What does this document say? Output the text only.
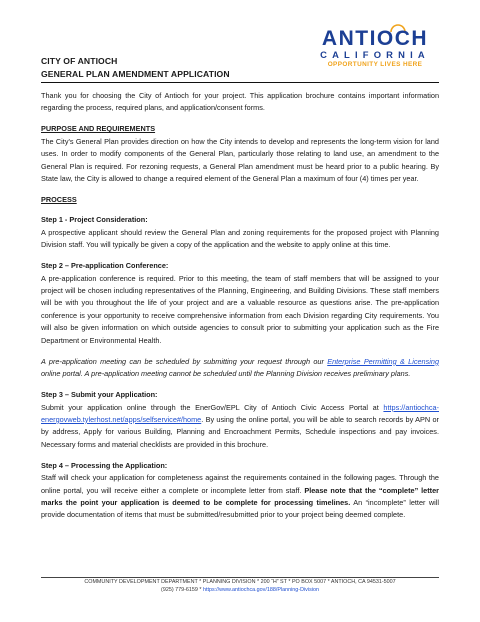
CITY OF ANTIOCH
GENERAL PLAN AMENDMENT APPLICATION
ANTIOCH
CALIFORNIA
OPPORTUNITY LIVES HERE

Thank you for choosing the City of Antioch for your project. This application brochure contains important information regarding the process, required plans, and application/consent forms.

PURPOSE AND REQUIREMENTS

The City's General Plan provides direction on how the City intends to develop and represents the long-term vision for land uses. In order to modify components of the General Plan, particularly those relating to land use, an amendment to the General Plan is required. For rezoning requests, a General Plan amendment must be heard prior to a public hearing. By State law, the City is allowed to change a required element of the General Plan a maximum of four (4) times per year.

PROCESS
Step 1 - Project Consideration:

A prospective applicant should review the General Plan and zoning requirements for the proposed project with Planning Division staff. You will typically be given a copy of the application and the website to apply online at this time.

Step 2 – Pre-application Conference:

A pre-application conference is required. Prior to this meeting, the team of staff members that will be assigned to your project will be chosen including representatives of the Planning, Engineering, and Building Divisions. These staff members will be with you throughout the life of your project and are a valuable resource as questions arise. The pre-application conference is your opportunity to receive comprehensive information from each Division regarding City requirements. You will also be given information on which outside agencies to consult prior to submitting your application such as the Fire Department or Environmental Health.

A pre-application meeting can be scheduled by submitting your request through our Enterprise Permitting & Licensing online portal. A pre-application meeting cannot be scheduled until the Planning Division receives preliminary plans.

Step 3 – Submit your Application:

Submit your application online through the EnerGov/EPL City of Antioch Civic Access Portal at https://antiochca-energovweb.tylerhost.net/apps/selfservice#/home. By using the online portal, you will be able to search records by APN or by address, Apply for various Building, Planning and Encroachment Permits, Schedule inspections and pay invoices. Necessary forms and material checklists are provided in this brochure.

Step 4 – Processing the Application:

Staff will check your application for completeness against the requirements contained in the following pages. Through the online portal, you will receive either a complete or incomplete letter from staff. Please note that the “complete” letter marks the point your application is deemed to be complete for processing timelines. An “incomplete” letter will provide documentation of items that must be submitted/resubmitted prior to your project being deemed complete.

COMMUNITY DEVELOPMENT DEPARTMENT * PLANNING DIVISION * 200 “H” ST * PO BOX 5007 * ANTIOCH, CA 94531-5007
(925) 779-6159 * https://www.antiochca.gov/188/Planning-Division
